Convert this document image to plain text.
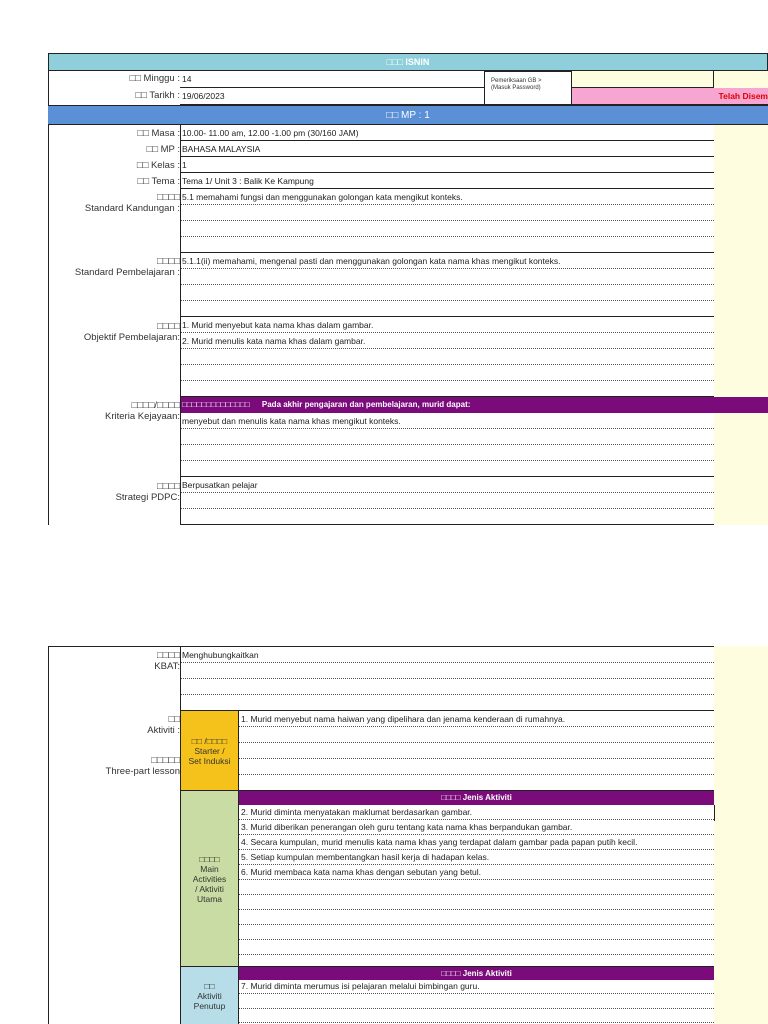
□□□ ISNIN
□□ Minggu : 14	Pemeriksaan GB >
(Masuk Password)
□□ Tarikh : 19/06/2023	Telah Disem
□□ MP : 1
□□ Masa : 10.00- 11.00 am, 12.00 -1.00 pm (30/160 JAM)
□□ MP : BAHASA MALAYSIA
□□ Kelas : 1
□□ Tema : Tema 1/ Unit 3 : Balik Ke Kampung
□□□□
Standard Kandungan :
5.1 memahami fungsi dan menggunakan golongan kata mengikut konteks.
□□□□
Standard Pembelajaran :
5.1.1(ii) memahami, mengenal pasti dan menggunakan golongan kata nama khas mengikut konteks.
□□□□
Objektif Pembelajaran:
1. Murid menyebut kata nama khas dalam gambar.
2. Murid menulis kata nama khas dalam gambar.
□□□□/□□□□
Kriteria Kejayaan:
□□□□□□□□□□□□□□ Pada akhir pengajaran dan pembelajaran, murid dapat:
menyebut dan menulis kata nama khas mengikut konteks.
□□□□
Strategi PDPC:
Berpusatkan pelajar
□□□□
KBAT:
Menghubungkaitkan
□□
Aktiviti :
□□□□□
Three-part lesson
□□ /□□□□
Starter /
Set Induksi
1. Murid menyebut nama haiwan yang dipelihara dan jenama kenderaan di rumahnya.
□□□□
Main
Activities
/ Aktiviti
Utama
□□□□ Jenis Aktiviti
2. Murid diminta menyatakan maklumat berdasarkan gambar.
3. Murid diberikan penerangan oleh guru tentang kata nama khas berpandukan gambar.
4. Secara kumpulan, murid menulis kata nama khas yang terdapat dalam gambar pada papan putih kecil.
5. Setiap kumpulan membentangkan hasil kerja di hadapan kelas.
6. Murid membaca kata nama khas dengan sebutan yang betul.
□□
Aktiviti
Penutup
□□□□ Jenis Aktiviti
7. Murid diminta merumus isi pelajaran melalui bimbingan guru.
